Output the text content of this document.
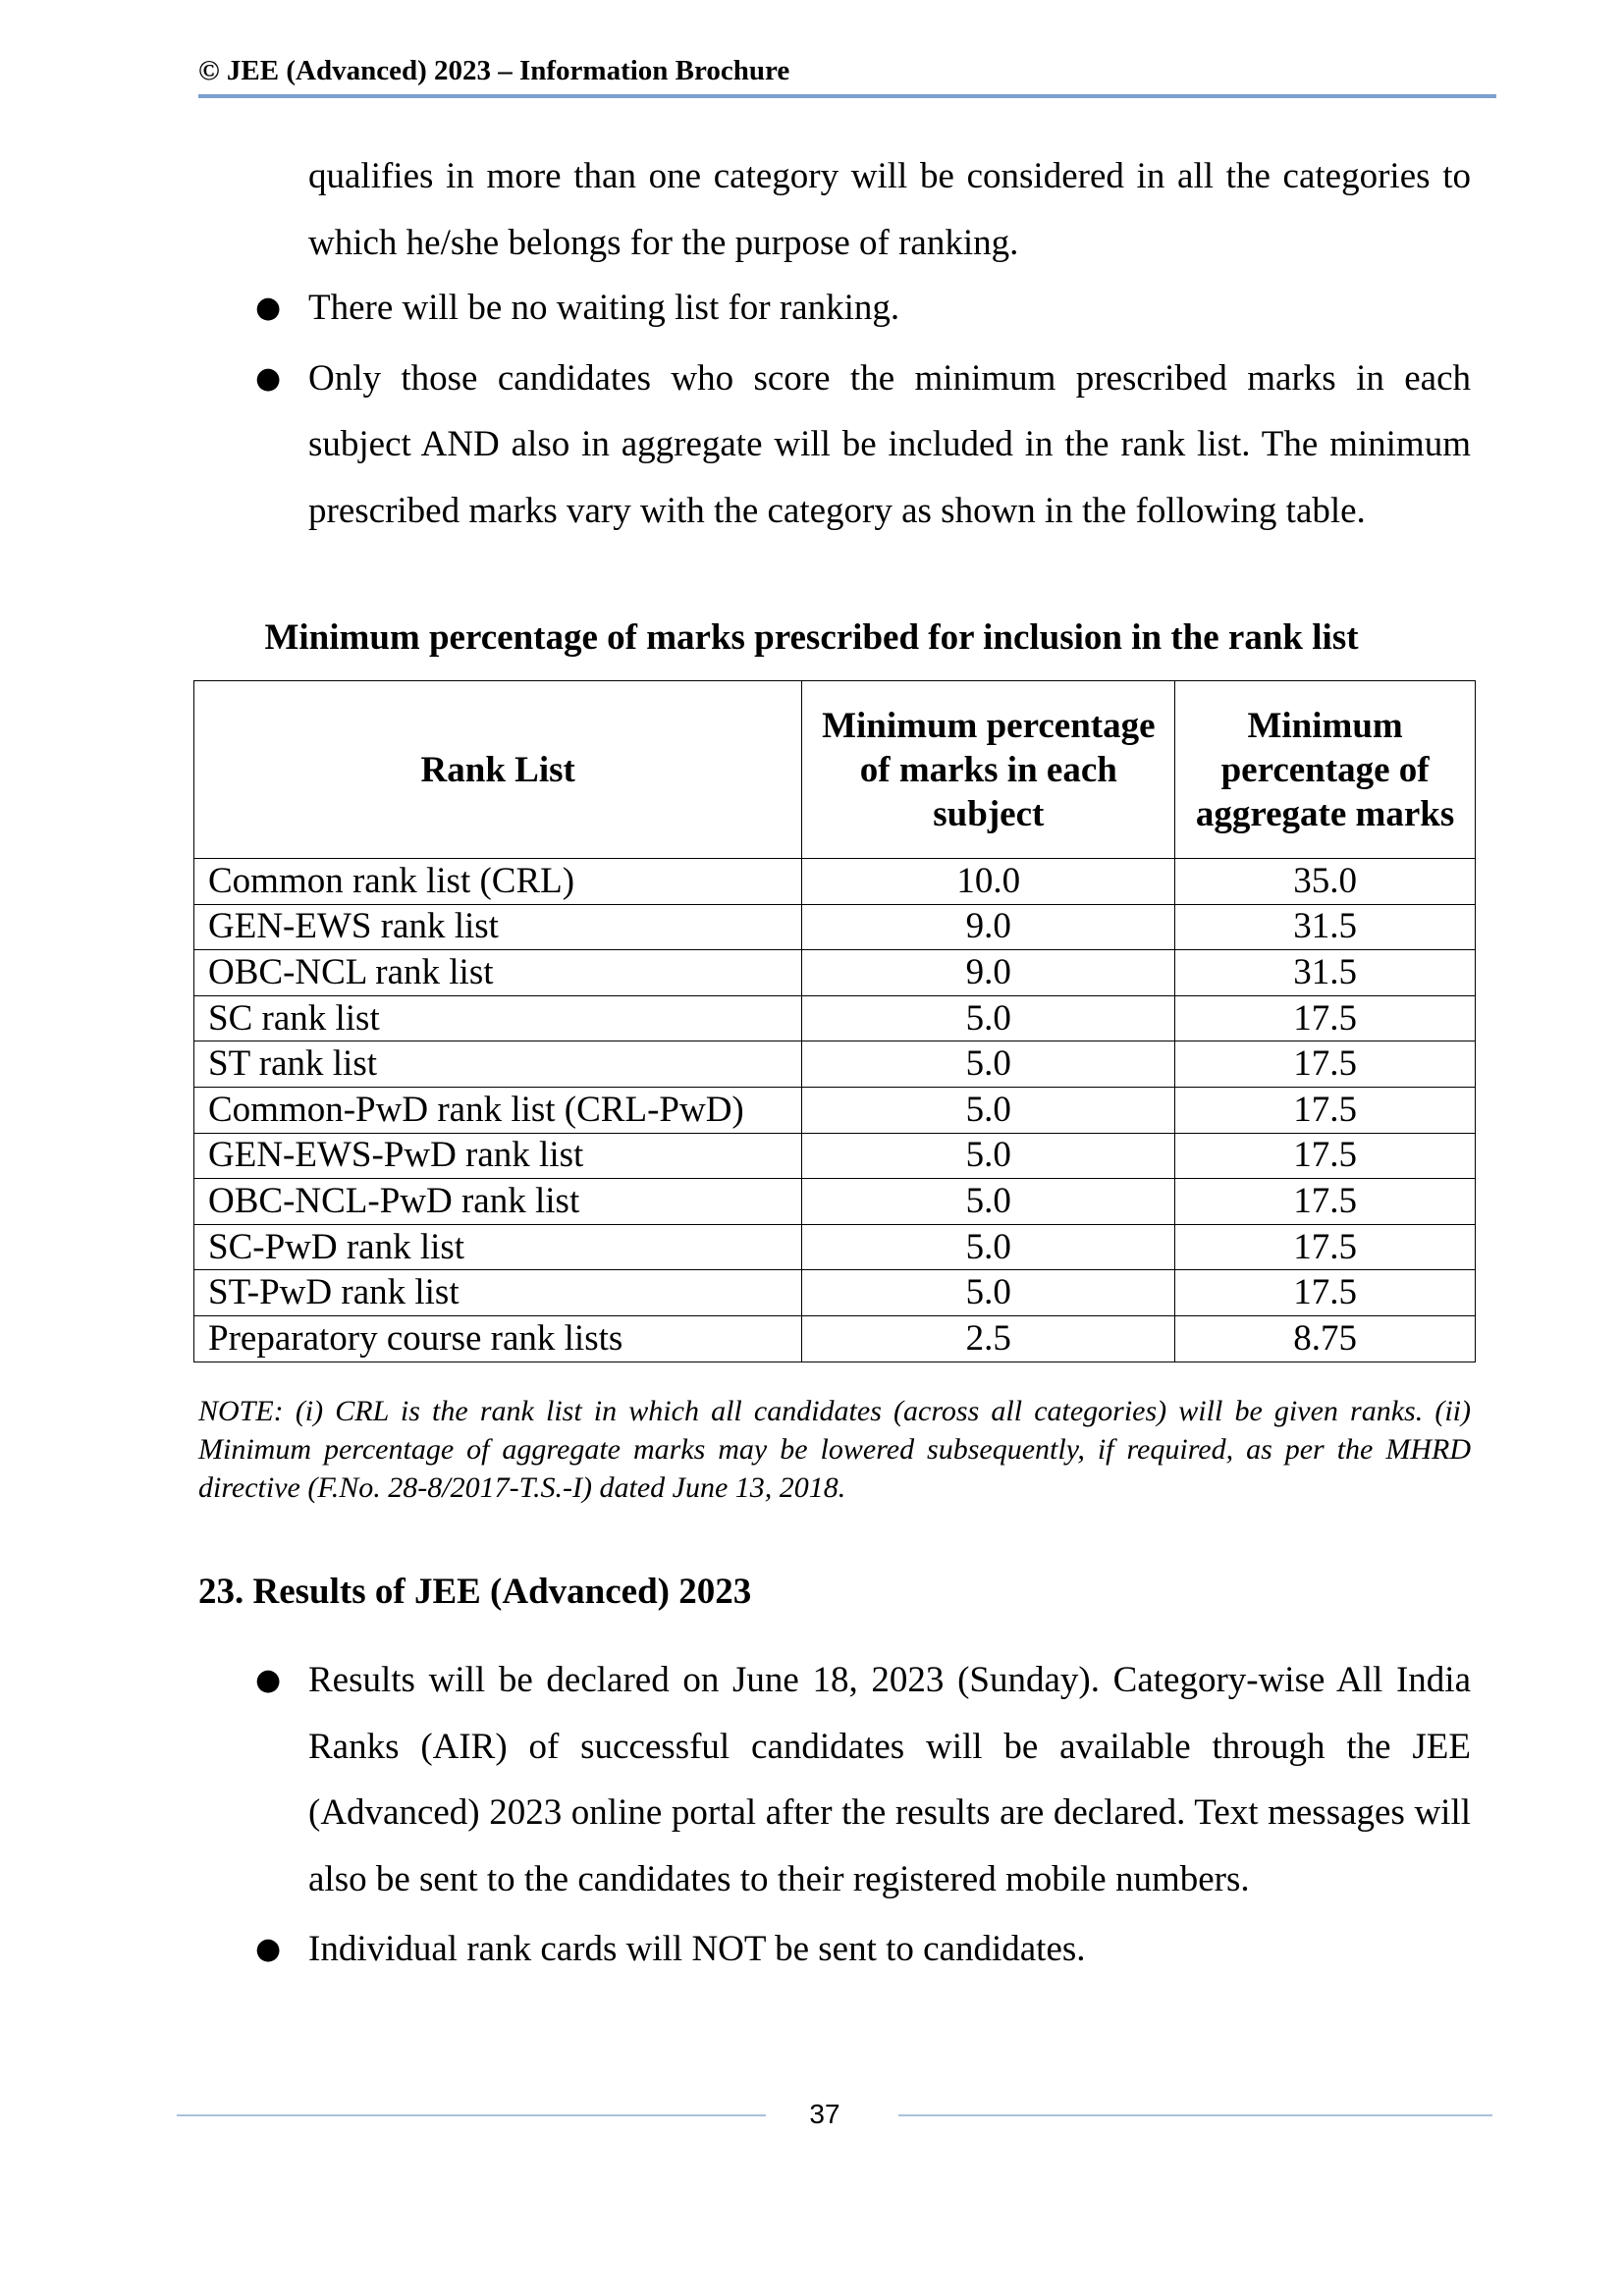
© JEE (Advanced) 2023 – Information Brochure
qualifies in more than one category will be considered in all the categories to which he/she belongs for the purpose of ranking.
● There will be no waiting list for ranking.
● Only those candidates who score the minimum prescribed marks in each subject AND also in aggregate will be included in the rank list. The minimum prescribed marks vary with the category as shown in the following table.
Minimum percentage of marks prescribed for inclusion in the rank list
Rank List	Minimum percentage of marks in each subject	Minimum percentage of aggregate marks
Common rank list (CRL)	10.0	35.0
GEN-EWS rank list	9.0	31.5
OBC-NCL rank list	9.0	31.5
SC rank list	5.0	17.5
ST rank list	5.0	17.5
Common-PwD rank list (CRL-PwD)	5.0	17.5
GEN-EWS-PwD rank list	5.0	17.5
OBC-NCL-PwD rank list	5.0	17.5
SC-PwD rank list	5.0	17.5
ST-PwD rank list	5.0	17.5
Preparatory course rank lists	2.5	8.75
NOTE: (i) CRL is the rank list in which all candidates (across all categories) will be given ranks. (ii) Minimum percentage of aggregate marks may be lowered subsequently, if required, as per the MHRD directive (F.No. 28-8/2017-T.S.-I) dated June 13, 2018.
23. Results of JEE (Advanced) 2023
● Results will be declared on June 18, 2023 (Sunday). Category-wise All India Ranks (AIR) of successful candidates will be available through the JEE (Advanced) 2023 online portal after the results are declared. Text messages will also be sent to the candidates to their registered mobile numbers.
● Individual rank cards will NOT be sent to candidates.
37
